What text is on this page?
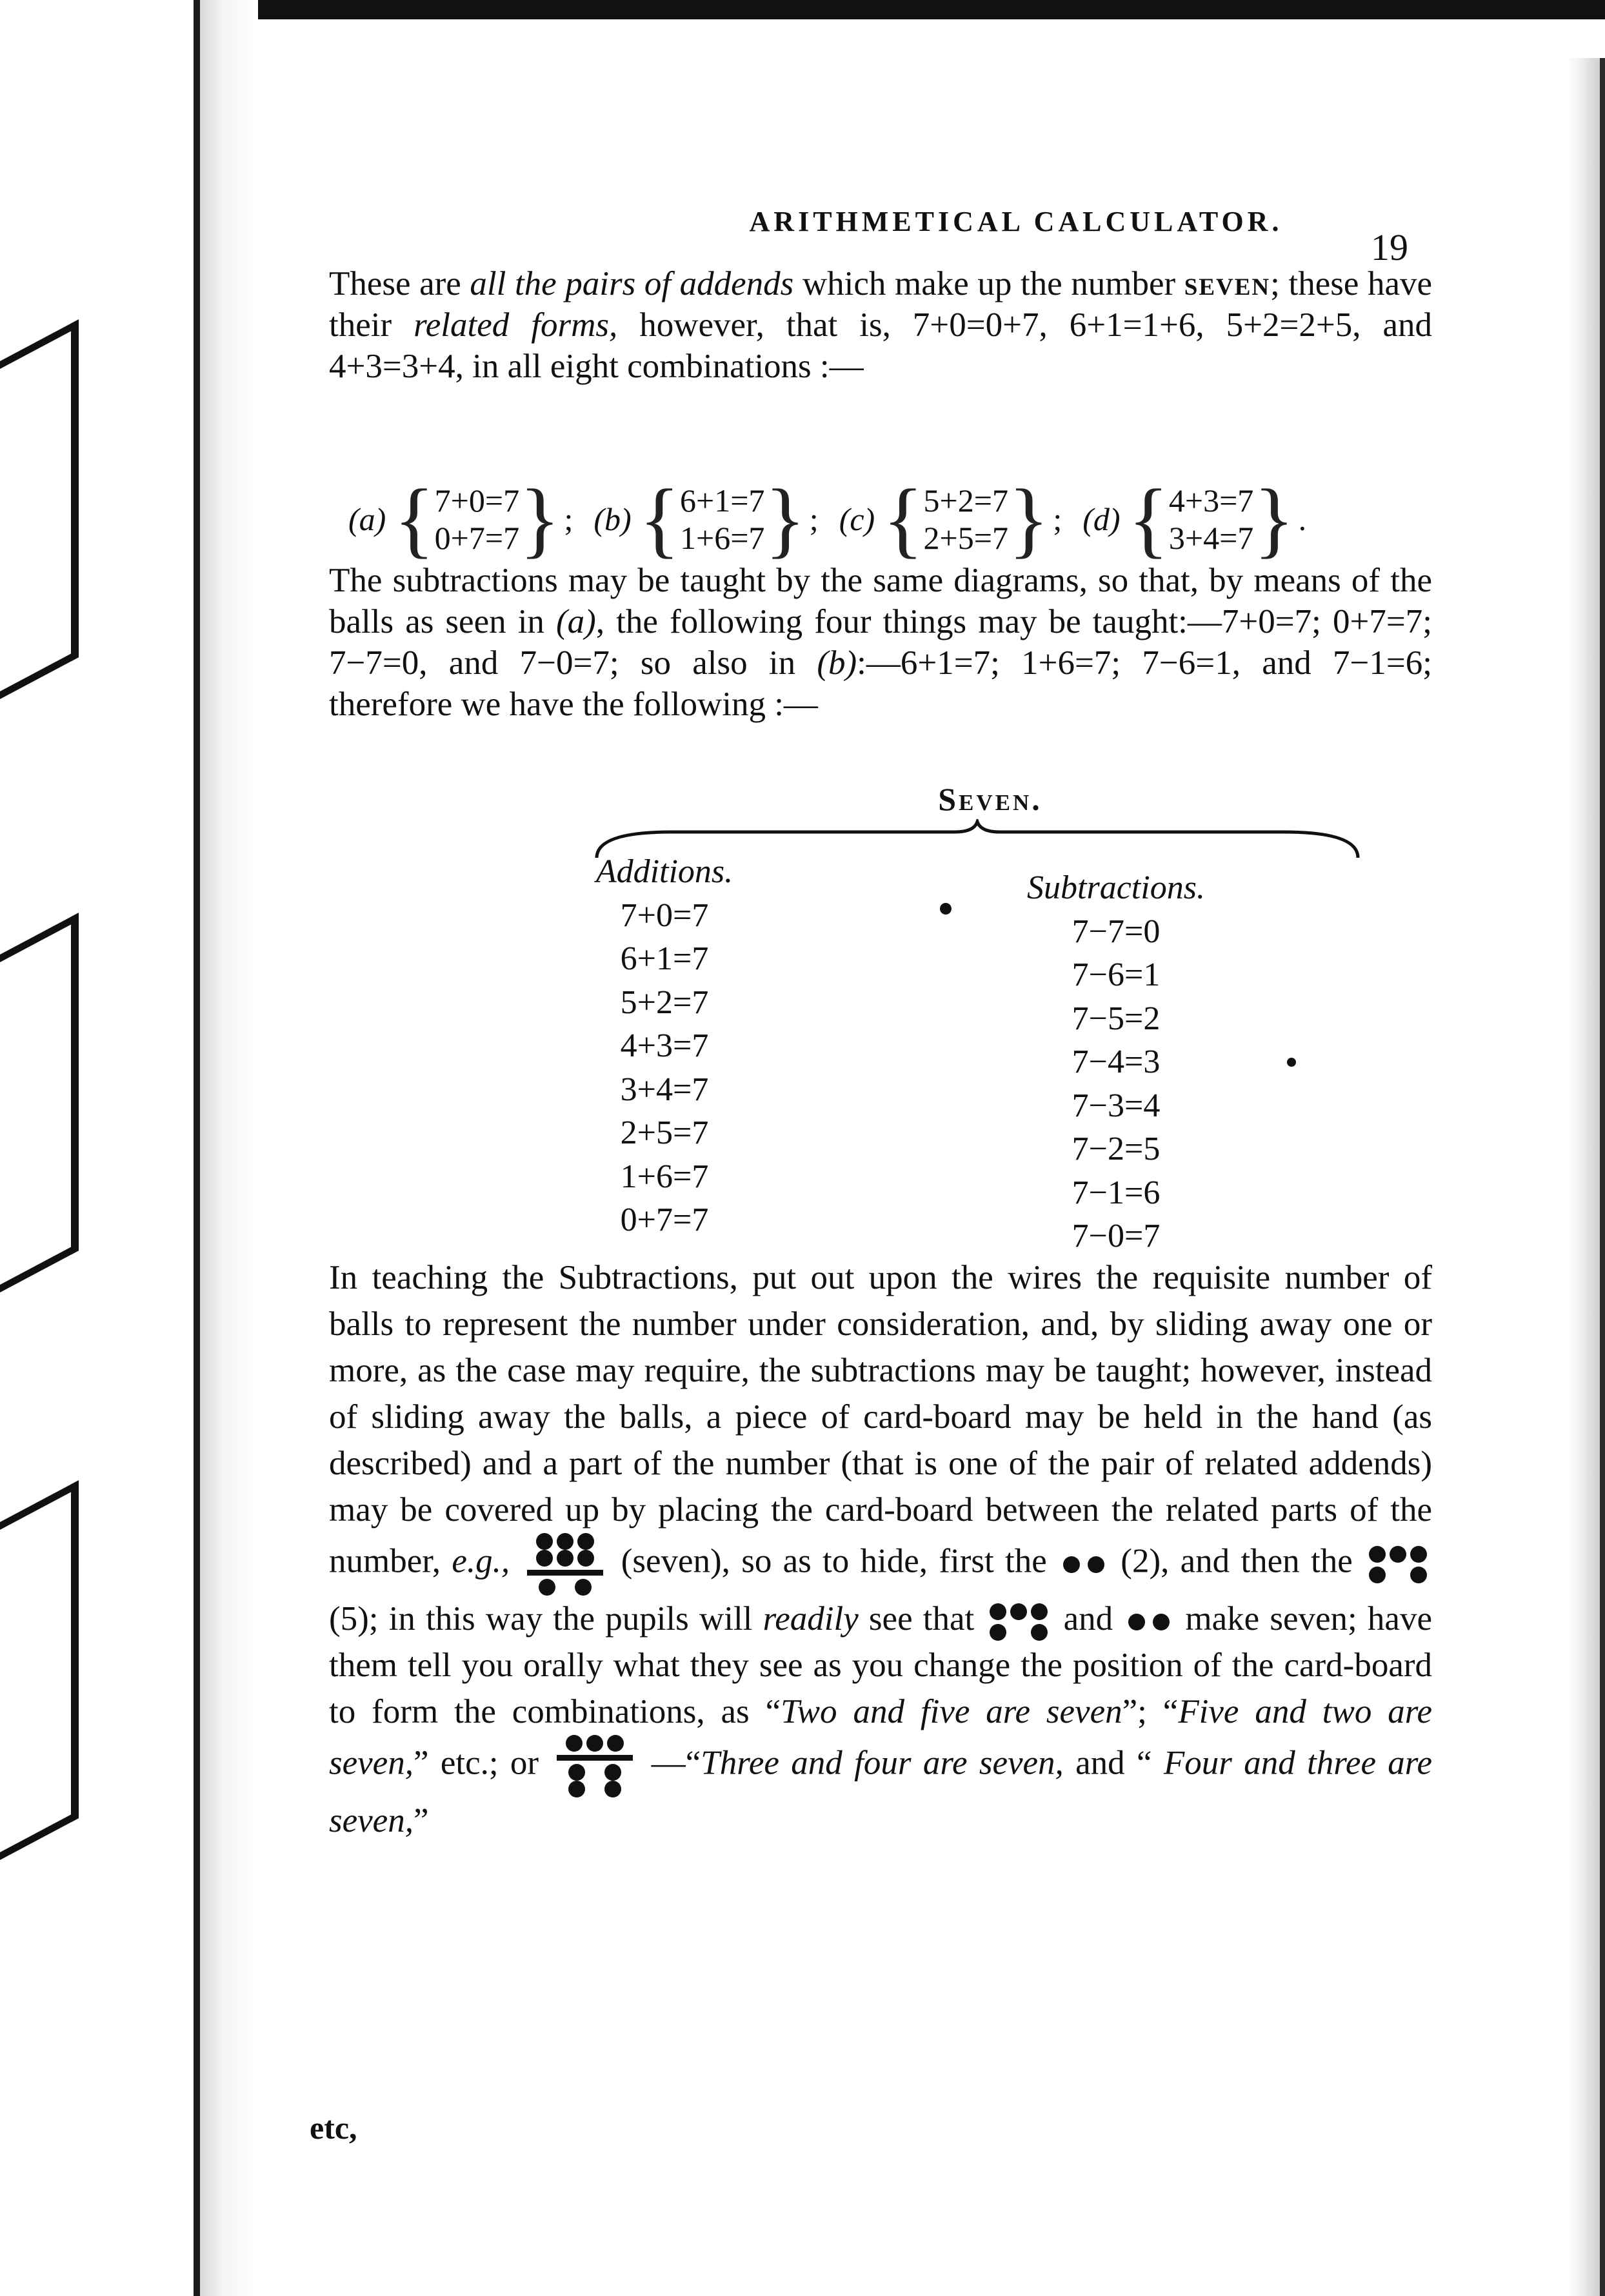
ARITHMETICAL CALCULATOR.
19
These are all the pairs of addends which make up the number seven; these have their related forms, however, that is, 7+0=0+7, 6+1=1+6, 5+2=2+5, and 4+3=3+4, in all eight combinations :—
(a) { 7+0=7
0+7=7 } ; (b) { 6+1=7
1+6=7 } ; (c) { 5+2=7
2+5=7 } ; (d) { 4+3=7
3+4=7 } .
The subtractions may be taught by the same diagrams, so that, by means of the balls as seen in (a), the following four things may be taught:—7+0=7; 0+7=7; 7−7=0, and 7−0=7; so also in (b):—6+1=7; 1+6=7; 7−6=1, and 7−1=6; therefore we have the following :—
Seven.
Additions.
7+0=7
6+1=7
5+2=7
4+3=7
3+4=7
2+5=7
1+6=7
0+7=7
Subtractions.
7−7=0
7−6=1
7−5=2
7−4=3
7−3=4
7−2=5
7−1=6
7−0=7
In teaching the Subtractions, put out upon the wires the requisite number of balls to represent the number under consideration, and, by sliding away one or more, as the case may require, the subtractions may be taught; however, instead of sliding away the balls, a piece of card-board may be held in the hand (as described) and a part of the number (that is one of the pair of related addends) may be covered up by placing the card-board between the related parts of the number, e.g.,	(seven), so as to hide, first the
(2), and then the
(5); in this way the pupils will readily see that
and
make seven; have them tell you orally what they see as you change the position of the card-board to form the combinations, as “Two and five are seven”; “Five and two are seven,” etc.; or	—“Three and four are seven, and “ Four and three are seven,”
etc,
